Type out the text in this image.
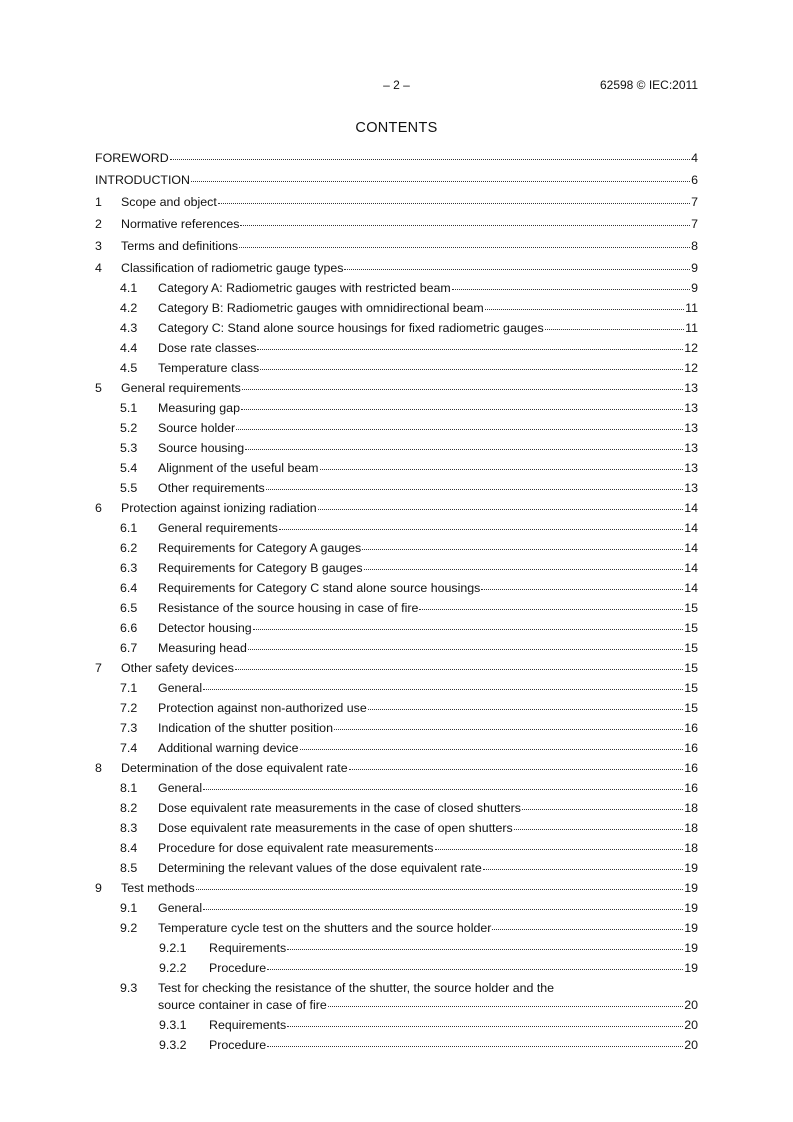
– 2 –	62598 © IEC:2011
CONTENTS
FOREWORD	4
INTRODUCTION	6
1	Scope and object	7
2	Normative references	7
3	Terms and definitions	8
4	Classification of radiometric gauge types	9
4.1	Category A: Radiometric gauges with restricted beam	9
4.2	Category B: Radiometric gauges with omnidirectional beam	11
4.3	Category C: Stand alone source housings for fixed radiometric gauges	11
4.4	Dose rate classes	12
4.5	Temperature class	12
5	General requirements	13
5.1	Measuring gap	13
5.2	Source holder	13
5.3	Source housing	13
5.4	Alignment of the useful beam	13
5.5	Other requirements	13
6	Protection against ionizing radiation	14
6.1	General requirements	14
6.2	Requirements for Category A gauges	14
6.3	Requirements for Category B gauges	14
6.4	Requirements for Category C stand alone source housings	14
6.5	Resistance of the source housing in case of fire	15
6.6	Detector housing	15
6.7	Measuring head	15
7	Other safety devices	15
7.1	General	15
7.2	Protection against non-authorized use	15
7.3	Indication of the shutter position	16
7.4	Additional warning device	16
8	Determination of the dose equivalent rate	16
8.1	General	16
8.2	Dose equivalent rate measurements in the case of closed shutters	18
8.3	Dose equivalent rate measurements in the case of open shutters	18
8.4	Procedure for dose equivalent rate measurements	18
8.5	Determining the relevant values of the dose equivalent rate	19
9	Test methods	19
9.1	General	19
9.2	Temperature cycle test on the shutters and the source holder	19
9.2.1	Requirements	19
9.2.2	Procedure	19
9.3	Test for checking the resistance of the shutter, the source holder and the
source container in case of fire	20
9.3.1	Requirements	20
9.3.2	Procedure	20
